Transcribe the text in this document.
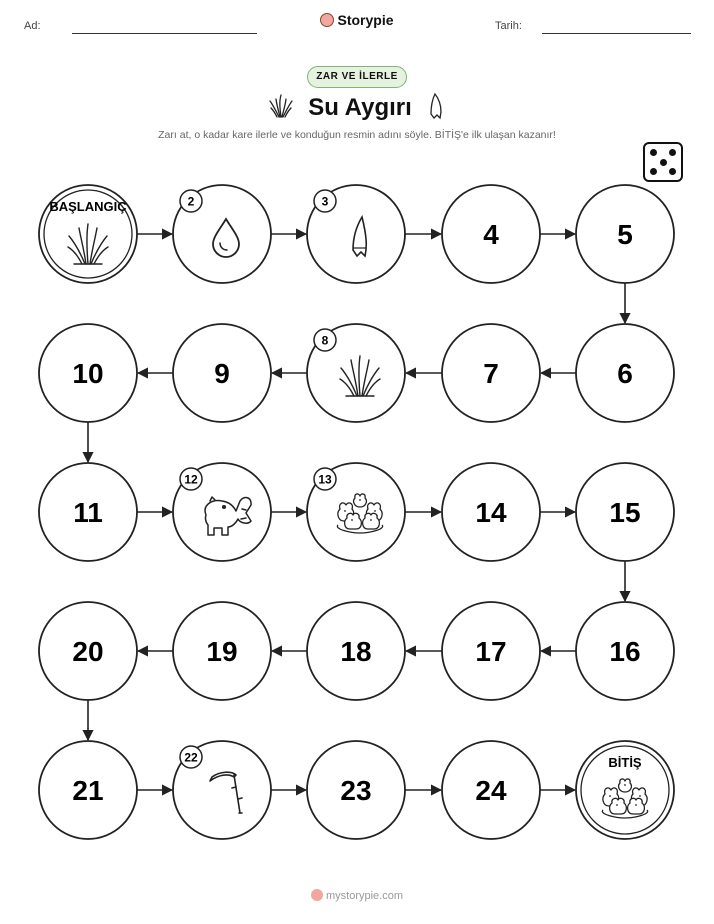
Ad:	Storypie	Tarih:
ZAR VE İLERLE
Su Aygırı
Zarı at, o kadar kare ilerle ve konduğun resmin adını söyle. BİTİŞ'e ilk ulaşan kazanır!
BAŞLANGIÇ	2	3
4	5
6
7
8
9
10
11
12	13
14	15
16
17
18
19
20
21
22
23	24
BİTİŞ
mystorypie.com
